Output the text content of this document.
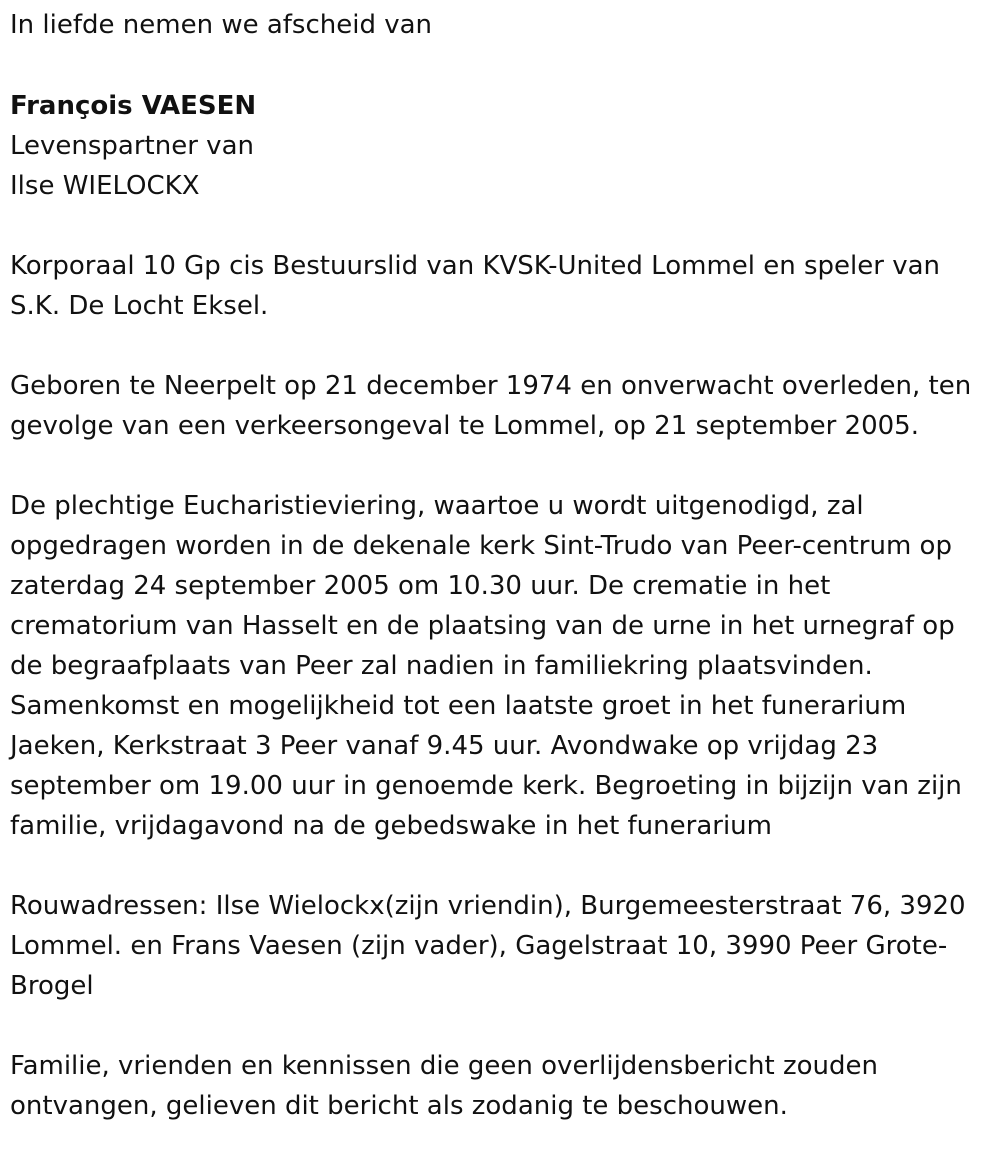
In liefde nemen we afscheid van

François VAESEN

Levenspartner van

Ilse WIELOCKX

Korporaal 10 Gp cis Bestuurslid van KVSK-United Lommel en speler van

S.K. De Locht Eksel.

Geboren te Neerpelt op 21 december 1974 en onverwacht overleden, ten

gevolge van een verkeersongeval te Lommel, op 21 september 2005.

De plechtige Eucharistieviering, waartoe u wordt uitgenodigd, zal

opgedragen worden in de dekenale kerk Sint-Trudo van Peer-centrum op

zaterdag 24 september 2005 om 10.30 uur. De crematie in het

crematorium van Hasselt en de plaatsing van de urne in het urnegraf op

de begraafplaats van Peer zal nadien in familiekring plaatsvinden.

Samenkomst en mogelijkheid tot een laatste groet in het funerarium

Jaeken, Kerkstraat 3 Peer vanaf 9.45 uur. Avondwake op vrijdag 23

september om 19.00 uur in genoemde kerk. Begroeting in bijzijn van zijn

familie, vrijdagavond na de gebedswake in het funerarium

Rouwadressen: Ilse Wielockx(zijn vriendin), Burgemeesterstraat 76, 3920

Lommel. en Frans Vaesen (zijn vader), Gagelstraat 10, 3990 Peer Grote-

Brogel

Familie, vrienden en kennissen die geen overlijdensbericht zouden

ontvangen, gelieven dit bericht als zodanig te beschouwen.
